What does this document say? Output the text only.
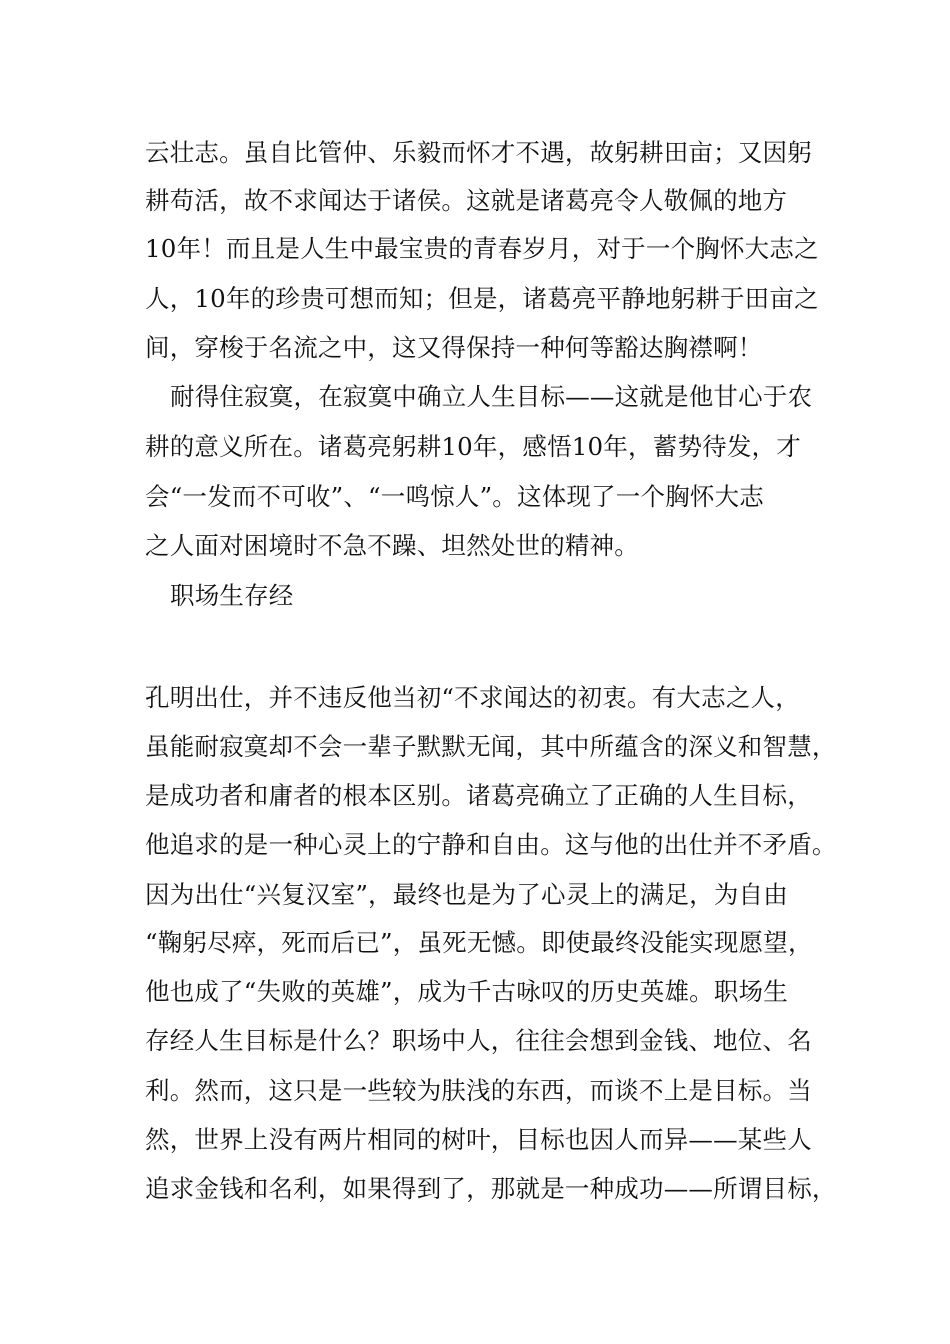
云壮志。虽自比管仲、乐毅而怀才不遇，故躬耕田亩；又因躬
耕苟活，故不求闻达于诸侯。这就是诸葛亮令人敬佩的地方
10年！而且是人生中最宝贵的青春岁月，对于一个胸怀大志之
人，10年的珍贵可想而知；但是，诸葛亮平静地躬耕于田亩之
间，穿梭于名流之中，这又得保持一种何等豁达胸襟啊！
耐得住寂寞，在寂寞中确立人生目标——这就是他甘心于农
耕的意义所在。诸葛亮躬耕10年，感悟10年，蓄势待发，才
会“一发而不可收”、“一鸣惊人”。这体现了一个胸怀大志
之人面对困境时不急不躁、坦然处世的精神。
职场生存经
孔明出仕，并不违反他当初“不求闻达的初衷。有大志之人，
虽能耐寂寞却不会一辈子默默无闻，其中所蕴含的深义和智慧，
是成功者和庸者的根本区别。诸葛亮确立了正确的人生目标，
他追求的是一种心灵上的宁静和自由。这与他的出仕并不矛盾。
因为出仕“兴复汉室”，最终也是为了心灵上的满足，为自由
“鞠躬尽瘁，死而后已”，虽死无憾。即使最终没能实现愿望，
他也成了“失败的英雄”，成为千古咏叹的历史英雄。职场生
存经人生目标是什么？职场中人，往往会想到金钱、地位、名
利。然而，这只是一些较为肤浅的东西，而谈不上是目标。当
然，世界上没有两片相同的树叶，目标也因人而异——某些人
追求金钱和名利，如果得到了，那就是一种成功——所谓目标，
